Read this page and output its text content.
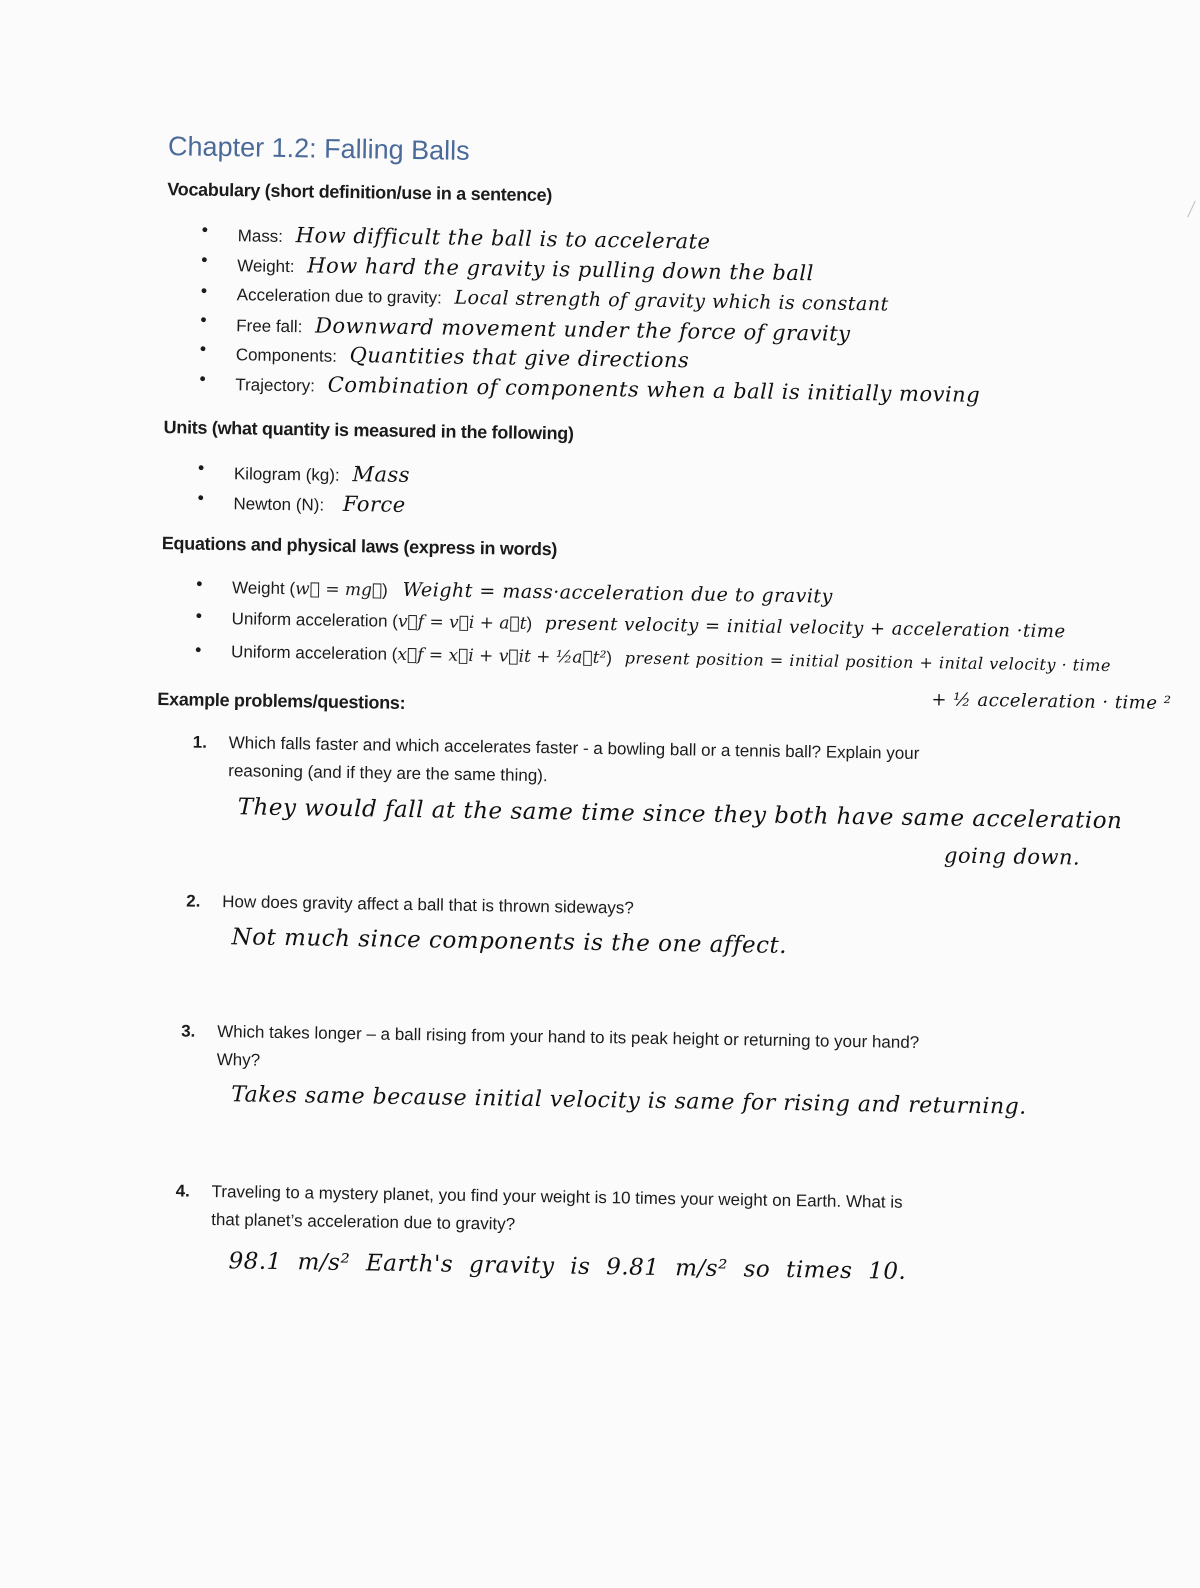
Chapter 1.2: Falling Balls
Vocabulary (short definition/use in a sentence)
• Mass: How difficult the ball is to accelerate
• Weight: How hard the gravity is pulling down the ball
• Acceleration due to gravity: Local strength of gravity which is constant
• Free fall: Downward movement under the force of gravity
• Components: Quantities that give directions
• Trajectory: Combination of components when a ball is initially moving
Units (what quantity is measured in the following)
• Kilogram (kg): Mass
• Newton (N): Force
Equations and physical laws (express in words)
• Weight (w⃗ = mg⃗) Weight = mass·acceleration due to gravity
• Uniform acceleration (v⃗f = v⃗i + a⃗t) present velocity = initial velocity + acceleration ·time
• Uniform acceleration (x⃗f = x⃗i + v⃗it + ½a⃗t²) present position = initial position + inital velocity · time
+ ½ acceleration · time ²
Example problems/questions:
1. Which falls faster and which accelerates faster - a bowling ball or a tennis ball? Explain your
reasoning (and if they are the same thing).
They would fall at the same time since they both have same acceleration
going down.
2. How does gravity affect a ball that is thrown sideways?
Not much since components is the one affect.
3. Which takes longer – a ball rising from your hand to its peak height or returning to your hand?
Why?
Takes same because initial velocity is same for rising and returning.
4. Traveling to a mystery planet, you find your weight is 10 times your weight on Earth. What is
that planet’s acceleration due to gravity?
98.1 m/s² Earth's gravity is 9.81 m/s² so times 10.
